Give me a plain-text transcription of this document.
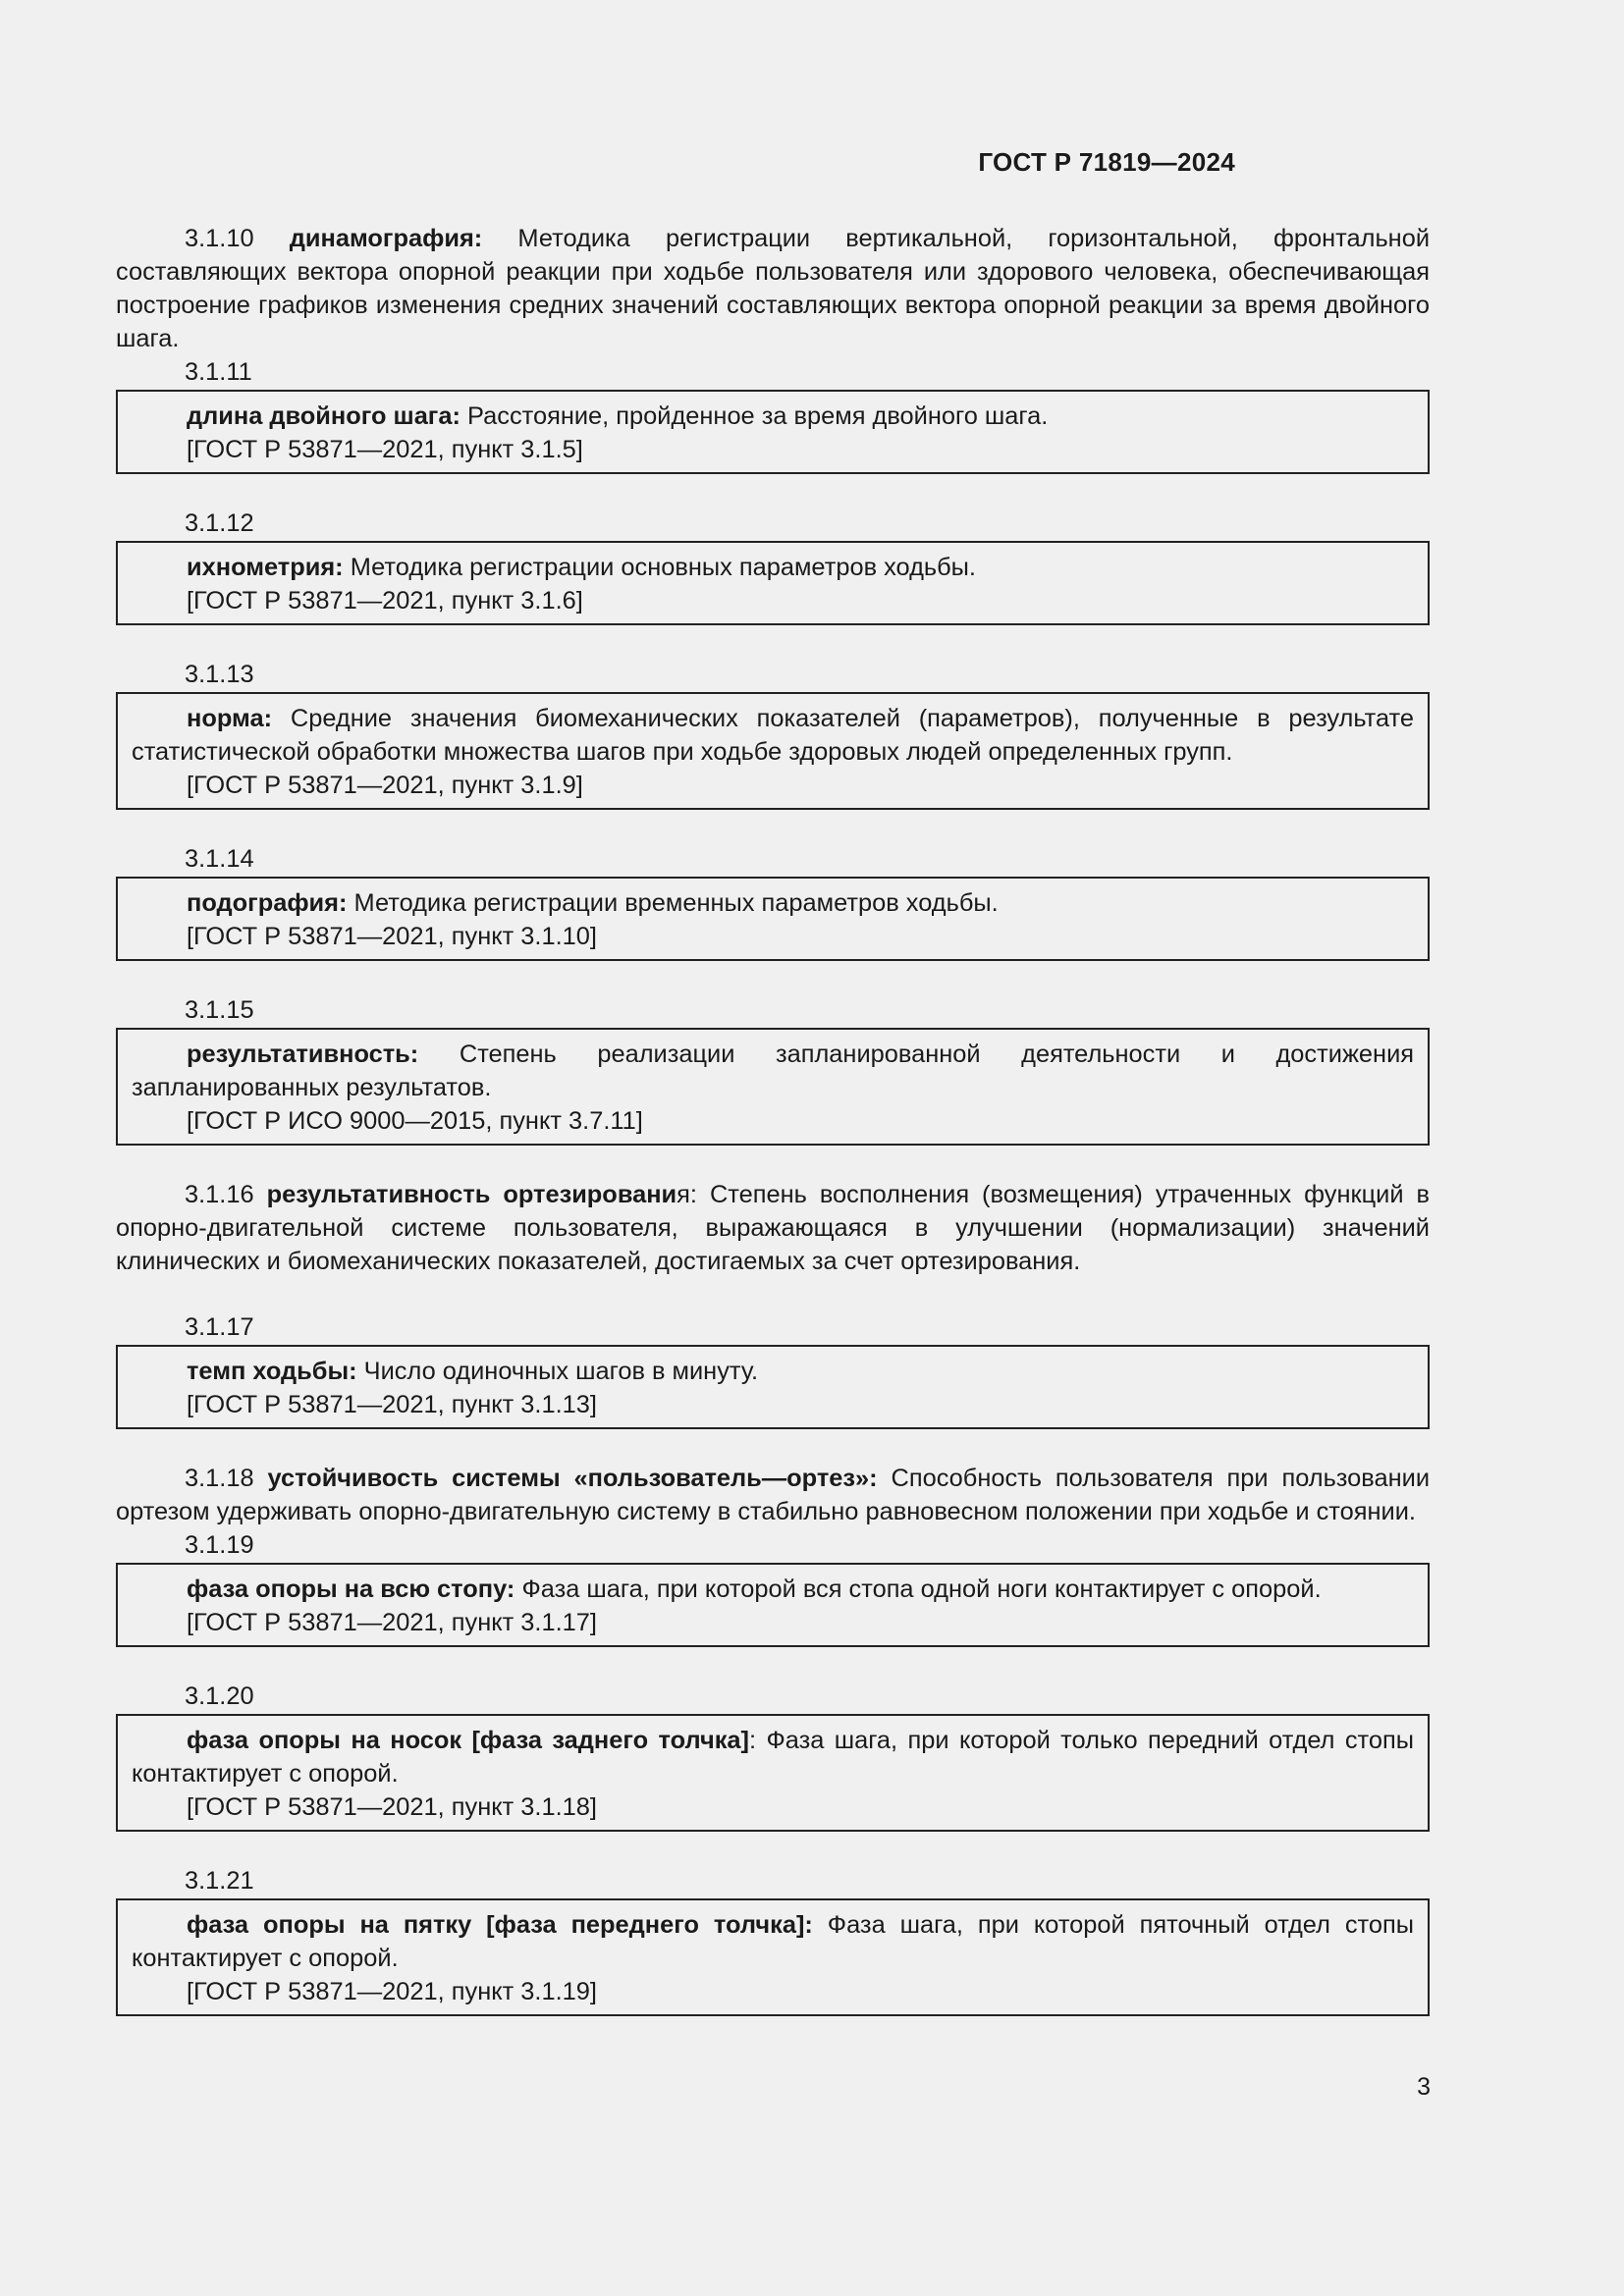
ГОСТ Р 71819—2024

3.1.10 динамография: Методика регистрации вертикальной, горизонтальной, фронтальной составляющих вектора опорной реакции при ходьбе пользователя или здорового человека, обеспечивающая построение графиков изменения средних значений составляющих вектора опорной реакции за время двойного шага.

3.1.11

длина двойного шага: Расстояние, пройденное за время двойного шага.

[ГОСТ Р 53871—2021, пункт 3.1.5]

3.1.12

ихнометрия: Методика регистрации основных параметров ходьбы.

[ГОСТ Р 53871—2021, пункт 3.1.6]

3.1.13

норма: Средние значения биомеханических показателей (параметров), полученные в результате статистической обработки множества шагов при ходьбе здоровых людей определенных групп.

[ГОСТ Р 53871—2021, пункт 3.1.9]

3.1.14

подография: Методика регистрации временных параметров ходьбы.

[ГОСТ Р 53871—2021, пункт 3.1.10]

3.1.15

результативность: Степень реализации запланированной деятельности и достижения запланированных результатов.

[ГОСТ Р ИСО 9000—2015, пункт 3.7.11]

3.1.16 результативность ортезирования: Степень восполнения (возмещения) утраченных функций в опорно-двигательной системе пользователя, выражающаяся в улучшении (нормализации) значений клинических и биомеханических показателей, достигаемых за счет ортезирования.

3.1.17

темп ходьбы: Число одиночных шагов в минуту.

[ГОСТ Р 53871—2021, пункт 3.1.13]

3.1.18 устойчивость системы «пользователь—ортез»: Способность пользователя при пользовании ортезом удерживать опорно-двигательную систему в стабильно равновесном положении при ходьбе и стоянии.

3.1.19

фаза опоры на всю стопу: Фаза шага, при которой вся стопа одной ноги контактирует с опорой.

[ГОСТ Р 53871—2021, пункт 3.1.17]

3.1.20

фаза опоры на носок [фаза заднего толчка]: Фаза шага, при которой только передний отдел стопы контактирует с опорой.

[ГОСТ Р 53871—2021, пункт 3.1.18]

3.1.21

фаза опоры на пятку [фаза переднего толчка]: Фаза шага, при которой пяточный отдел стопы контактирует с опорой.

[ГОСТ Р 53871—2021, пункт 3.1.19]

3
